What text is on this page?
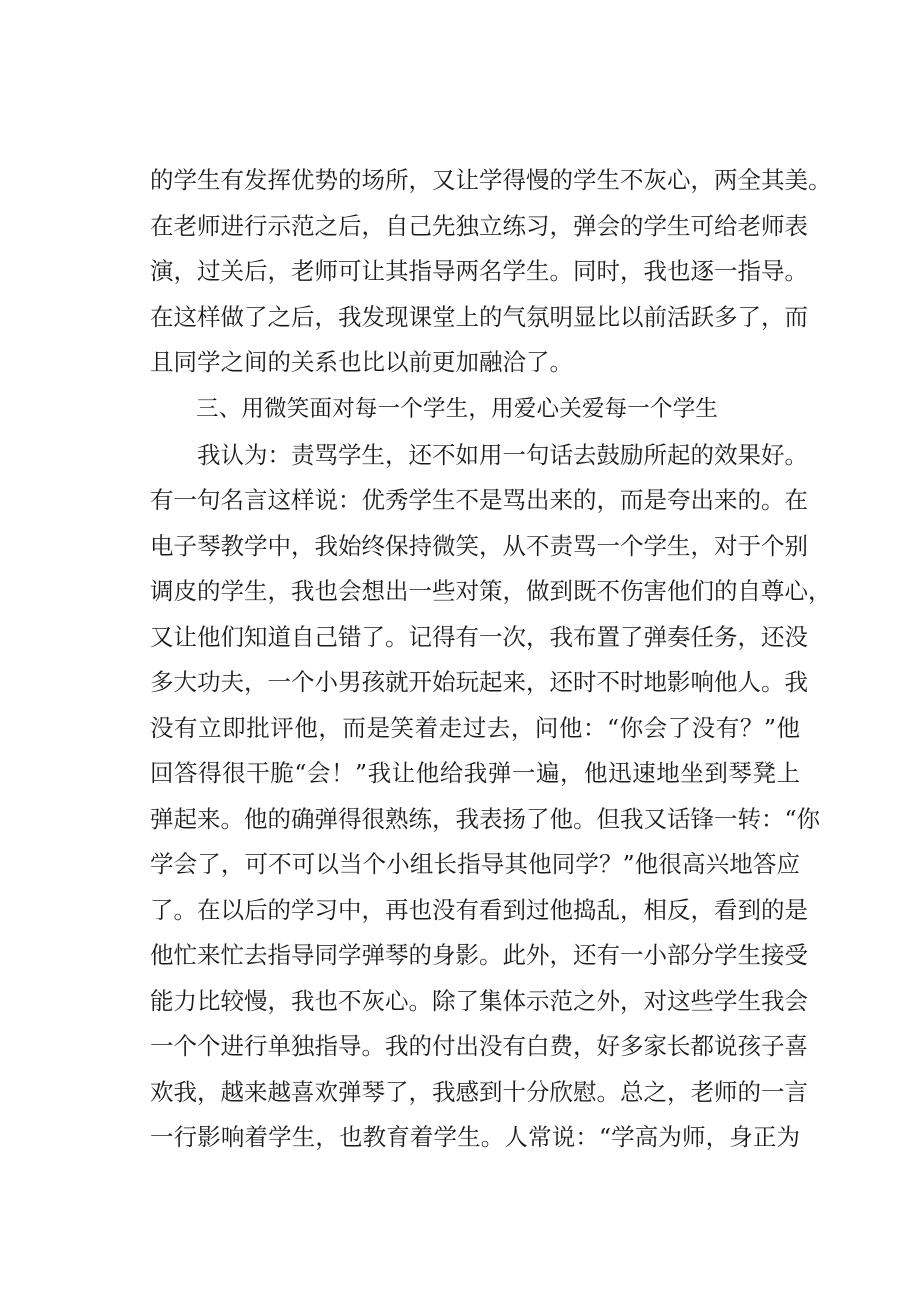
的学生有发挥优势的场所，又让学得慢的学生不灰心，两全其美。
在老师进行示范之后，自己先独立练习，弹会的学生可给老师表
演，过关后，老师可让其指导两名学生。同时，我也逐一指导。
在这样做了之后，我发现课堂上的气氛明显比以前活跃多了，而
且同学之间的关系也比以前更加融洽了。
三、用微笑面对每一个学生，用爱心关爱每一个学生
我认为：责骂学生，还不如用一句话去鼓励所起的效果好。
有一句名言这样说：优秀学生不是骂出来的，而是夸出来的。在
电子琴教学中，我始终保持微笑，从不责骂一个学生，对于个别
调皮的学生，我也会想出一些对策，做到既不伤害他们的自尊心，
又让他们知道自己错了。记得有一次，我布置了弹奏任务，还没
多大功夫，一个小男孩就开始玩起来，还时不时地影响他人。我
没有立即批评他，而是笑着走过去，问他：“你会了没有？”他
回答得很干脆“会！”我让他给我弹一遍，他迅速地坐到琴凳上
弹起来。他的确弹得很熟练，我表扬了他。但我又话锋一转：“你
学会了，可不可以当个小组长指导其他同学？”他很高兴地答应
了。在以后的学习中，再也没有看到过他捣乱，相反，看到的是
他忙来忙去指导同学弹琴的身影。此外，还有一小部分学生接受
能力比较慢，我也不灰心。除了集体示范之外，对这些学生我会
一个个进行单独指导。我的付出没有白费，好多家长都说孩子喜
欢我，越来越喜欢弹琴了，我感到十分欣慰。总之，老师的一言
一行影响着学生，也教育着学生。人常说：“学高为师，身正为
